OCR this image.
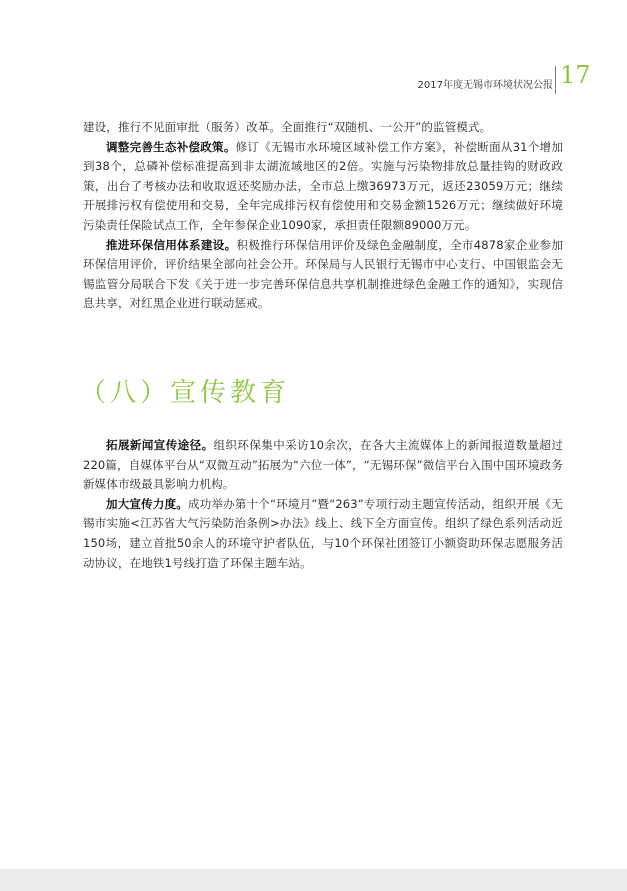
2017年度无锡市环境状况公报 17

建设，推行不见面审批（服务）改革。全面推行“双随机、一公开”的监管模式。

调整完善生态补偿政策。修订《无锡市水环境区域补偿工作方案》，补偿断面从31个增加到38个，总磷补偿标准提高到非太湖流域地区的2倍。实施与污染物排放总量挂钩的财政政策，出台了考核办法和收取返还奖励办法，全市总上缴36973万元，返还23059万元；继续开展排污权有偿使用和交易，全年完成排污权有偿使用和交易金额1526万元；继续做好环境污染责任保险试点工作，全年参保企业1090家，承担责任限额89000万元。

推进环保信用体系建设。积极推行环保信用评价及绿色金融制度，全市4878家企业参加环保信用评价，评价结果全部向社会公开。环保局与人民银行无锡市中心支行、中国银监会无锡监管分局联合下发《关于进一步完善环保信息共享机制推进绿色金融工作的通知》，实现信息共享，对红黑企业进行联动惩戒。

（八）宣传教育

拓展新闻宣传途径。组织环保集中采访10余次，在各大主流媒体上的新闻报道数量超过220篇，自媒体平台从“双微互动”拓展为“六位一体”，“无锡环保”微信平台入围中国环境政务新媒体市级最具影响力机构。

加大宣传力度。成功举办第十个“环境月”暨“263”专项行动主题宣传活动，组织开展《无锡市实施<江苏省大气污染防治条例>办法》线上、线下全方面宣传。组织了绿色系列活动近150场，建立首批50余人的环境守护者队伍，与10个环保社团签订小额资助环保志愿服务活动协议，在地铁1号线打造了环保主题车站。
